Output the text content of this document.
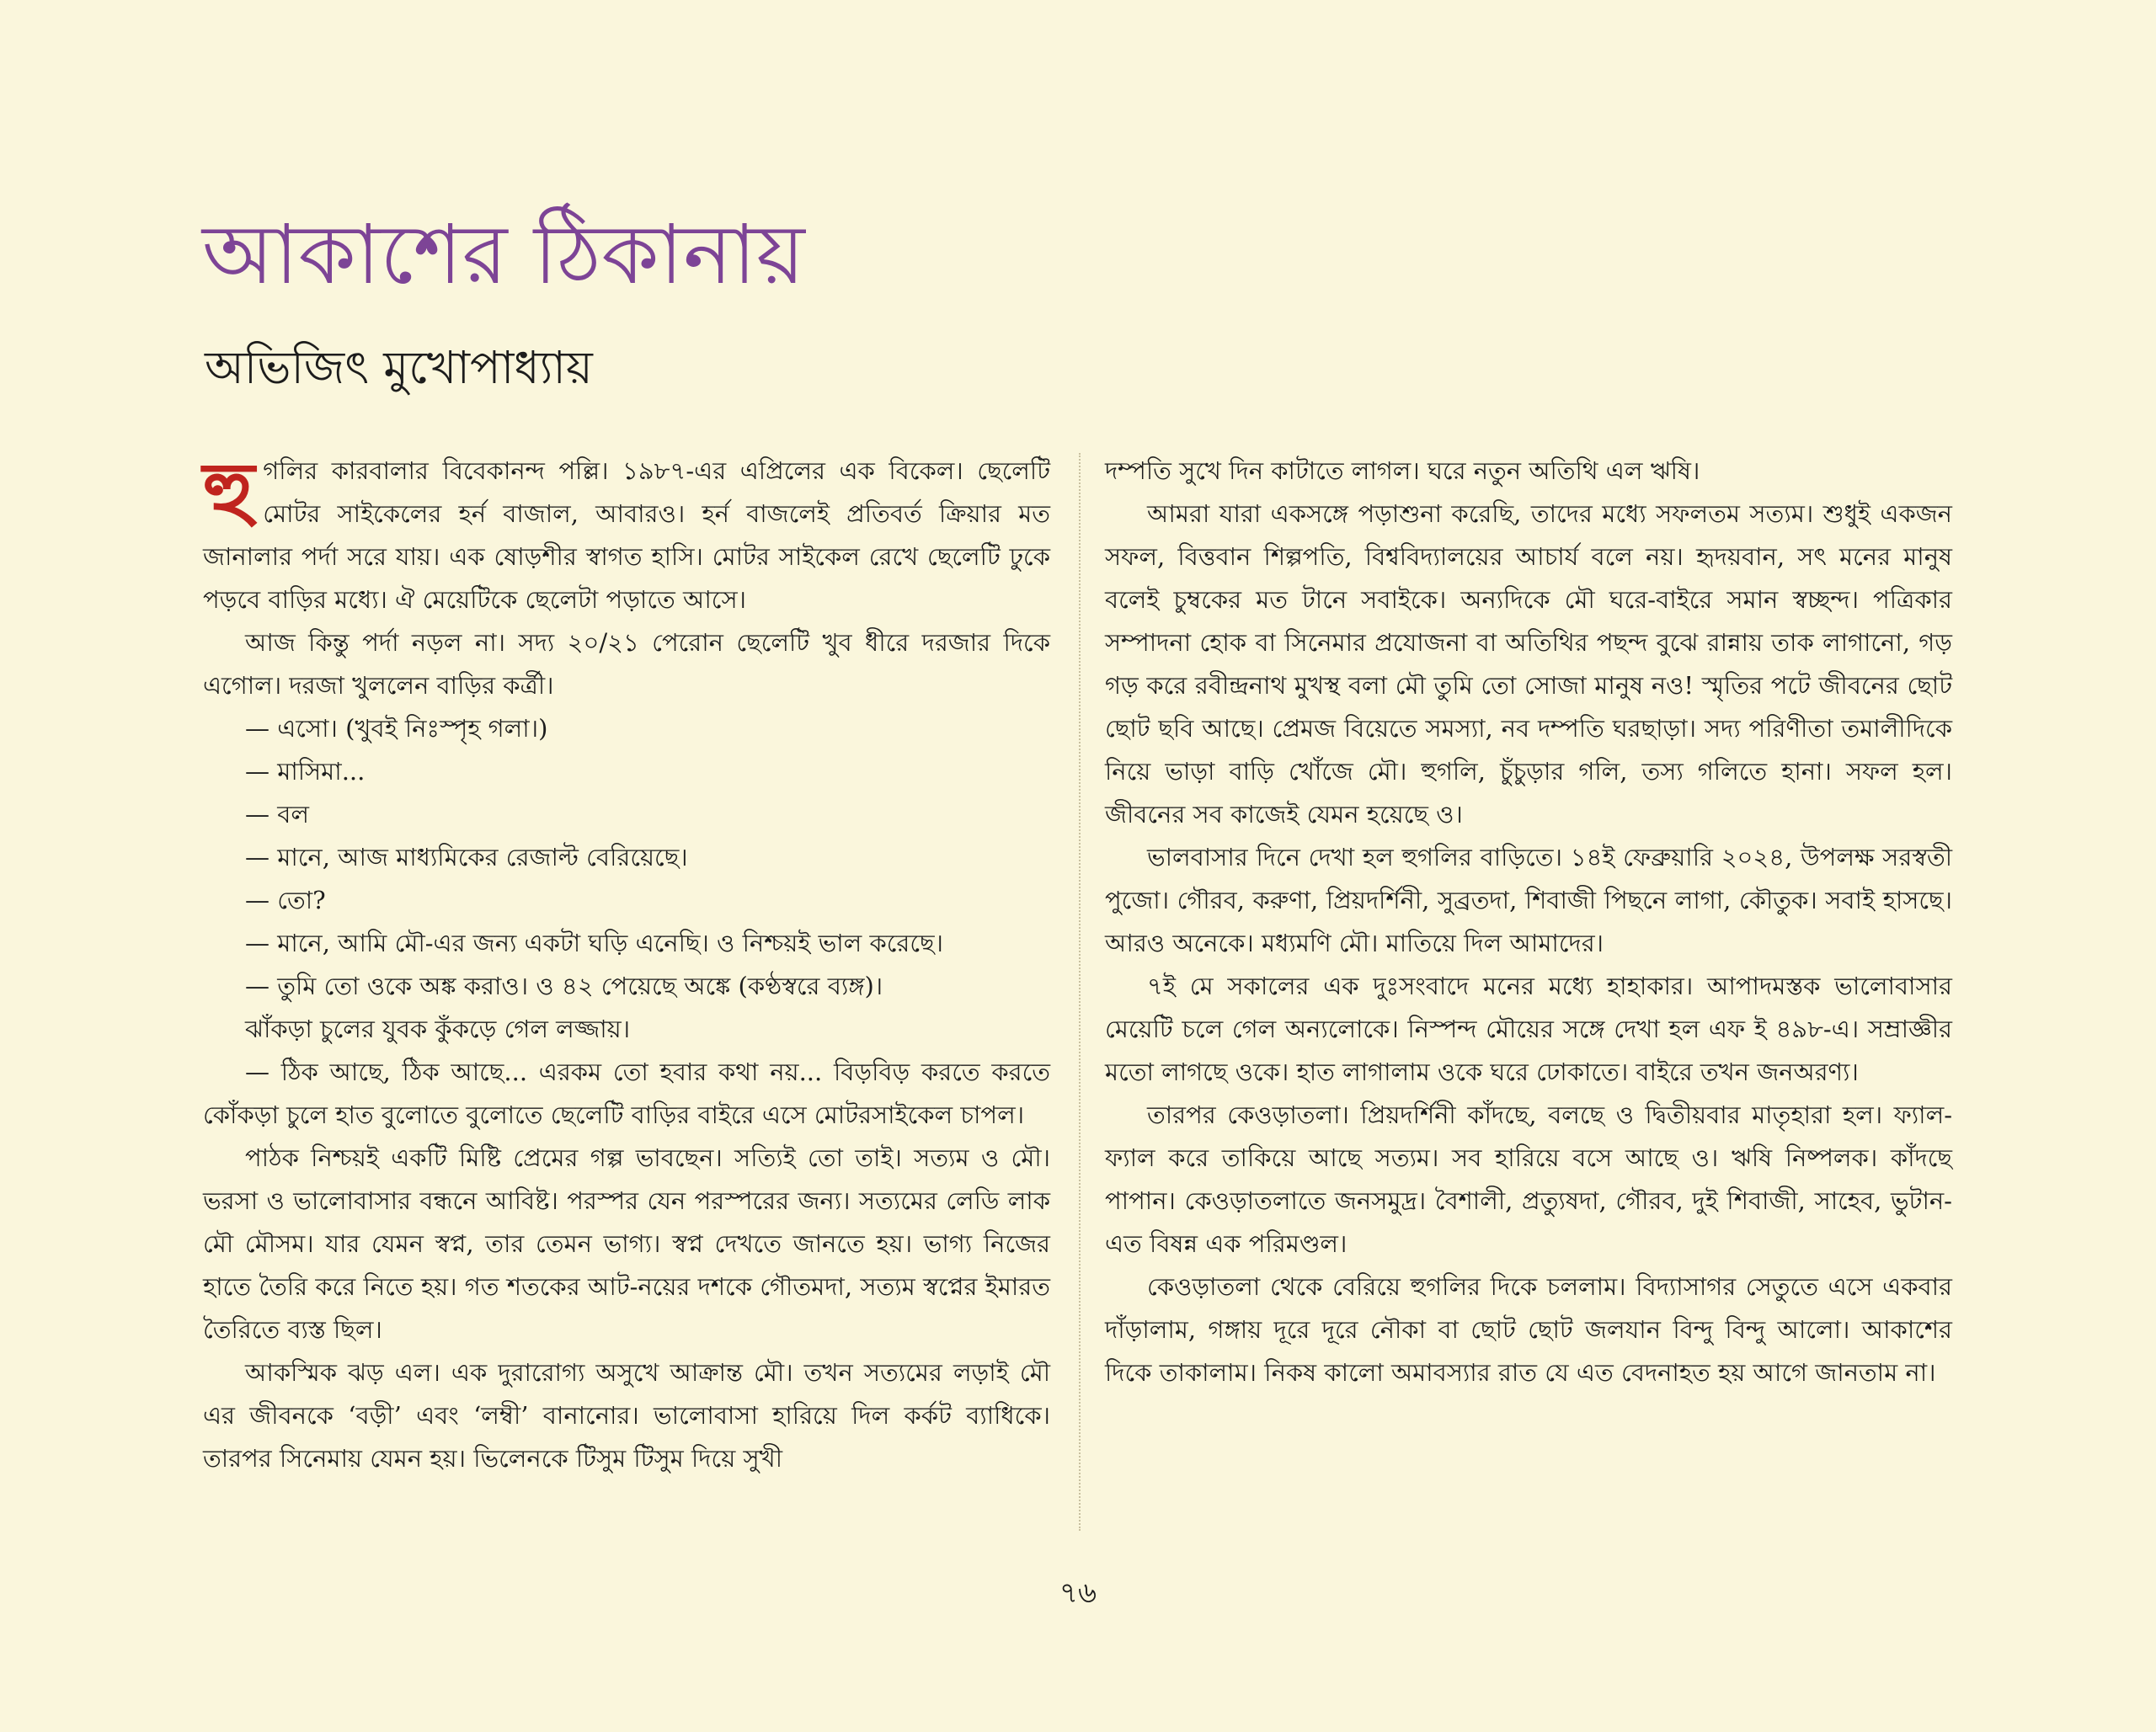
আকাশের ঠিকানায়
অভিজিৎ মুখোপাধ্যায়

হুগলির কারবালার বিবেকানন্দ পল্লি। ১৯৮৭-এর এপ্রিলের এক বিকেল। ছেলেটি মোটর সাইকেলের হর্ন বাজাল, আবারও। হর্ন বাজলেই প্রতিবর্ত ক্রিয়ার মত জানালার পর্দা সরে যায়। এক ষোড়শীর স্বাগত হাসি। মোটর সাইকেল রেখে ছেলেটি ঢুকে পড়বে বাড়ির মধ্যে। ঐ মেয়েটিকে ছেলেটা পড়াতে আসে।

আজ কিন্তু পর্দা নড়ল না। সদ্য ২০/২১ পেরোন ছেলেটি খুব ধীরে দরজার দিকে এগোল। দরজা খুললেন বাড়ির কর্ত্রী।

— এসো। (খুবই নিঃস্পৃহ গলা।)

— মাসিমা...

— বল

— মানে, আজ মাধ্যমিকের রেজাল্ট বেরিয়েছে।

— তো?

— মানে, আমি মৌ-এর জন্য একটা ঘড়ি এনেছি। ও নিশ্চয়ই ভাল করেছে।

— তুমি তো ওকে অঙ্ক করাও। ও ৪২ পেয়েছে অঙ্কে (কণ্ঠস্বরে ব্যঙ্গ)।

ঝাঁকড়া চুলের যুবক কুঁকড়ে গেল লজ্জায়।

— ঠিক আছে, ঠিক আছে... এরকম তো হবার কথা নয়... বিড়বিড় করতে করতে কোঁকড়া চুলে হাত বুলোতে বুলোতে ছেলেটি বাড়ির বাইরে এসে মোটরসাইকেল চাপল।

পাঠক নিশ্চয়ই একটি মিষ্টি প্রেমের গল্প ভাবছেন। সত্যিই তো তাই। সত্যম ও মৌ। ভরসা ও ভালোবাসার বন্ধনে আবিষ্ট। পরস্পর যেন পরস্পরের জন্য। সত্যমের লেডি লাক মৌ মৌসম। যার যেমন স্বপ্ন, তার তেমন ভাগ্য। স্বপ্ন দেখতে জানতে হয়। ভাগ্য নিজের হাতে তৈরি করে নিতে হয়। গত শতকের আট-নয়ের দশকে গৌতমদা, সত্যম স্বপ্নের ইমারত তৈরিতে ব্যস্ত ছিল।

আকস্মিক ঝড় এল। এক দুরারোগ্য অসুখে আক্রান্ত মৌ। তখন সত্যমের লড়াই মৌ এর জীবনকে ‘বড়ী’ এবং ‘লম্বী’ বানানোর। ভালোবাসা হারিয়ে দিল কর্কট ব্যাধিকে। তারপর সিনেমায় যেমন হয়। ভিলেনকে টিসুম টিসুম দিয়ে সুখী

দম্পতি সুখে দিন কাটাতে লাগল। ঘরে নতুন অতিথি এল ঋষি।

আমরা যারা একসঙ্গে পড়াশুনা করেছি, তাদের মধ্যে সফলতম সত্যম। শুধুই একজন সফল, বিত্তবান শিল্পপতি, বিশ্ববিদ্যালয়ের আচার্য বলে নয়। হৃদয়বান, সৎ মনের মানুষ বলেই চুম্বকের মত টানে সবাইকে। অন্যদিকে মৌ ঘরে-বাইরে সমান স্বচ্ছন্দ। পত্রিকার সম্পাদনা হোক বা সিনেমার প্রযোজনা বা অতিথির পছন্দ বুঝে রান্নায় তাক লাগানো, গড় গড় করে রবীন্দ্রনাথ মুখস্থ বলা মৌ তুমি তো সোজা মানুষ নও! স্মৃতির পটে জীবনের ছোট ছোট ছবি আছে। প্রেমজ বিয়েতে সমস্যা, নব দম্পতি ঘরছাড়া। সদ্য পরিণীতা তমালীদিকে নিয়ে ভাড়া বাড়ি খোঁজে মৌ। হুগলি, চুঁচুড়ার গলি, তস্য গলিতে হানা। সফল হল। জীবনের সব কাজেই যেমন হয়েছে ও।

ভালবাসার দিনে দেখা হল হুগলির বাড়িতে। ১৪ই ফেব্রুয়ারি ২০২৪, উপলক্ষ সরস্বতী পুজো। গৌরব, করুণা, প্রিয়দর্শিনী, সুব্রতদা, শিবাজী পিছনে লাগা, কৌতুক। সবাই হাসছে। আরও অনেকে। মধ্যমণি মৌ। মাতিয়ে দিল আমাদের।

৭ই মে সকালের এক দুঃসংবাদে মনের মধ্যে হাহাকার। আপাদমস্তক ভালোবাসার মেয়েটি চলে গেল অন্যলোকে। নিস্পন্দ মৌয়ের সঙ্গে দেখা হল এফ ই ৪৯৮-এ। সম্রাজ্ঞীর মতো লাগছে ওকে। হাত লাগালাম ওকে ঘরে ঢোকাতে। বাইরে তখন জনঅরণ্য।

তারপর কেওড়াতলা। প্রিয়দর্শিনী কাঁদছে, বলছে ও দ্বিতীয়বার মাতৃহারা হল। ফ্যাল-ফ্যাল করে তাকিয়ে আছে সত্যম। সব হারিয়ে বসে আছে ও। ঋষি নিষ্পলক। কাঁদছে পাপান। কেওড়াতলাতে জনসমুদ্র। বৈশালী, প্রত্যুষদা, গৌরব, দুই শিবাজী, সাহেব, ভুটান-এত বিষন্ন এক পরিমণ্ডল।

কেওড়াতলা থেকে বেরিয়ে হুগলির দিকে চললাম। বিদ্যাসাগর সেতুতে এসে একবার দাঁড়ালাম, গঙ্গায় দূরে দূরে নৌকা বা ছোট ছোট জলযান বিন্দু বিন্দু আলো। আকাশের দিকে তাকালাম। নিকষ কালো অমাবস্যার রাত যে এত বেদনাহত হয় আগে জানতাম না।

৭৬
